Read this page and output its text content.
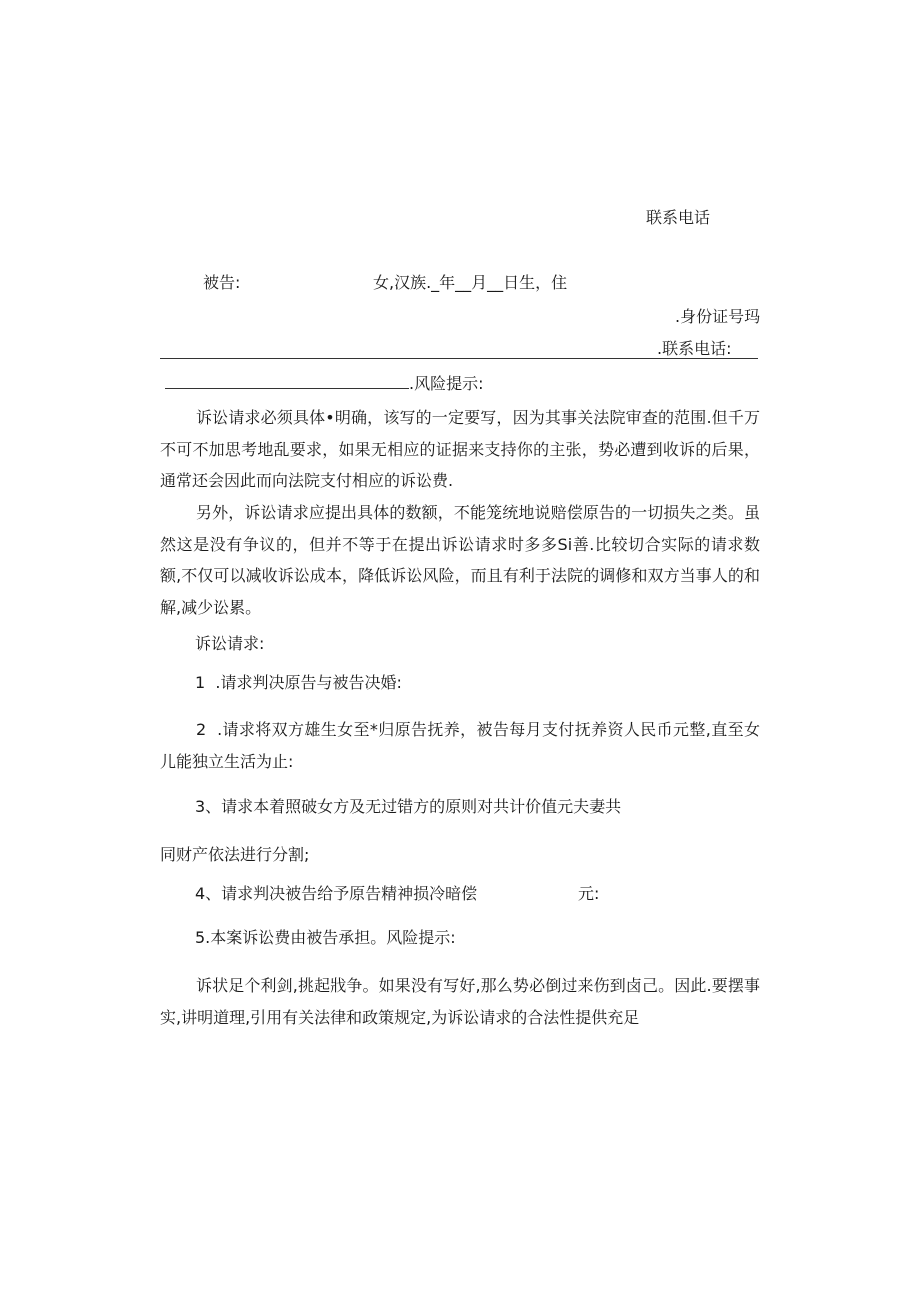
联系电话
被告:	女,汉族._年__月__日生，住
.身份证号玛
.联系电话:
.风险提示:
诉讼请求必须具体•明确，该写的一定要写，因为其事关法院审查的范围.但千万不可不加思考地乱要求，如果无相应的证据来支持你的主张，势必遭到收诉的后果，通常还会因此而向法院支付相应的诉讼费.
另外，诉讼请求应提出具体的数额，不能笼统地说赔偿原告的一切损失之类。虽然这是没有争议的，但并不等于在提出诉讼请求时多多Si善.比较切合实际的请求数额,不仅可以减收诉讼成本，降低诉讼风险，而且有利于法院的调修和双方当事人的和解,减少讼累。
诉讼请求:
1  .请求判决原告与被告决婚:
2  .请求将双方雄生女至*归原告抚养，被告每月支付抚养资人民币元整,直至女儿能独立生活为止:
3、请求本着照破女方及无过错方的原则对共计价值元夫妻共
同财产依法进行分割;
4、请求判决被告给予原告精神损冷暗偿	元:
5.本案诉讼费由被告承担。风险提示:
诉状足个利剑,挑起戕争。如果没有写好,那么势必倒过来伤到卤己。因此.要摆事实,讲明道理,引用有关法律和政策规定,为诉讼请求的合法性提供充足
